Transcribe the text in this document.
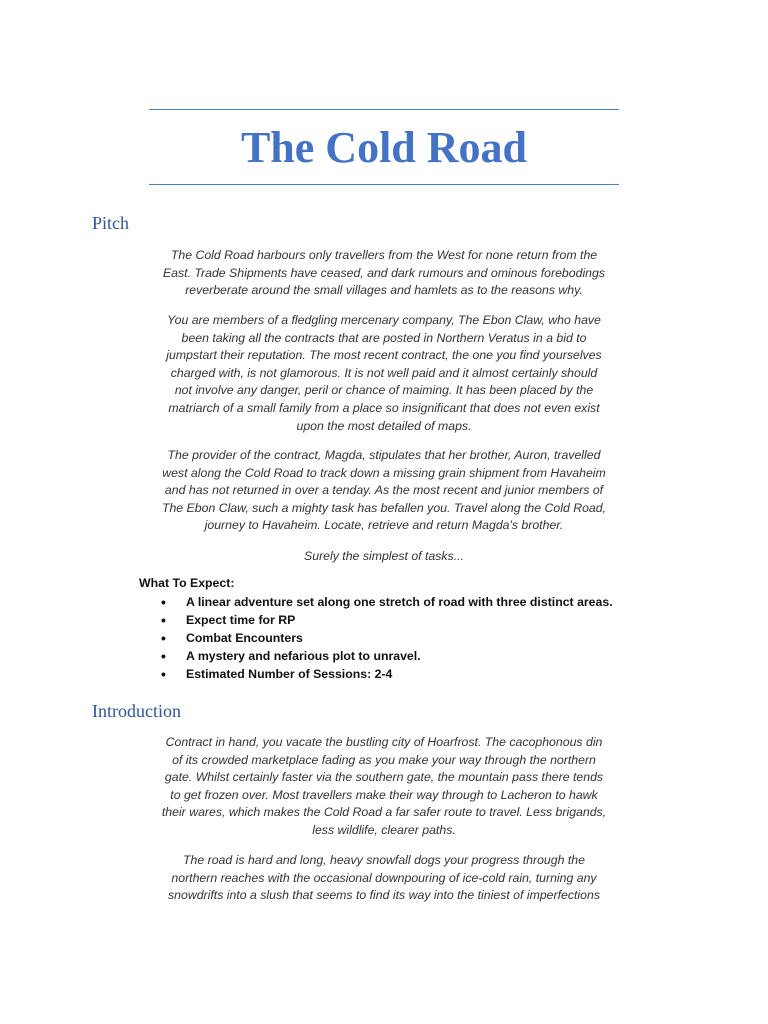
The Cold Road
Pitch

The Cold Road harbours only travellers from the West for none return from the
East. Trade Shipments have ceased, and dark rumours and ominous forebodings
reverberate around the small villages and hamlets as to the reasons why.

You are members of a fledgling mercenary company, The Ebon Claw, who have
been taking all the contracts that are posted in Northern Veratus in a bid to
jumpstart their reputation. The most recent contract, the one you find yourselves
charged with, is not glamorous. It is not well paid and it almost certainly should
not involve any danger, peril or chance of maiming. It has been placed by the
matriarch of a small family from a place so insignificant that does not even exist
upon the most detailed of maps.

The provider of the contract, Magda, stipulates that her brother, Auron, travelled
west along the Cold Road to track down a missing grain shipment from Havaheim
and has not returned in over a tenday. As the most recent and junior members of
The Ebon Claw, such a mighty task has befallen you. Travel along the Cold Road,
journey to Havaheim. Locate, retrieve and return Magda's brother.

Surely the simplest of tasks...

What To Expect:

• A linear adventure set along one stretch of road with three distinct areas.
• Expect time for RP
• Combat Encounters
• A mystery and nefarious plot to unravel.
• Estimated Number of Sessions: 2-4
Introduction

Contract in hand, you vacate the bustling city of Hoarfrost. The cacophonous din
of its crowded marketplace fading as you make your way through the northern
gate. Whilst certainly faster via the southern gate, the mountain pass there tends
to get frozen over. Most travellers make their way through to Lacheron to hawk
their wares, which makes the Cold Road a far safer route to travel. Less brigands,
less wildlife, clearer paths.

The road is hard and long, heavy snowfall dogs your progress through the
northern reaches with the occasional downpouring of ice-cold rain, turning any
snowdrifts into a slush that seems to find its way into the tiniest of imperfections
